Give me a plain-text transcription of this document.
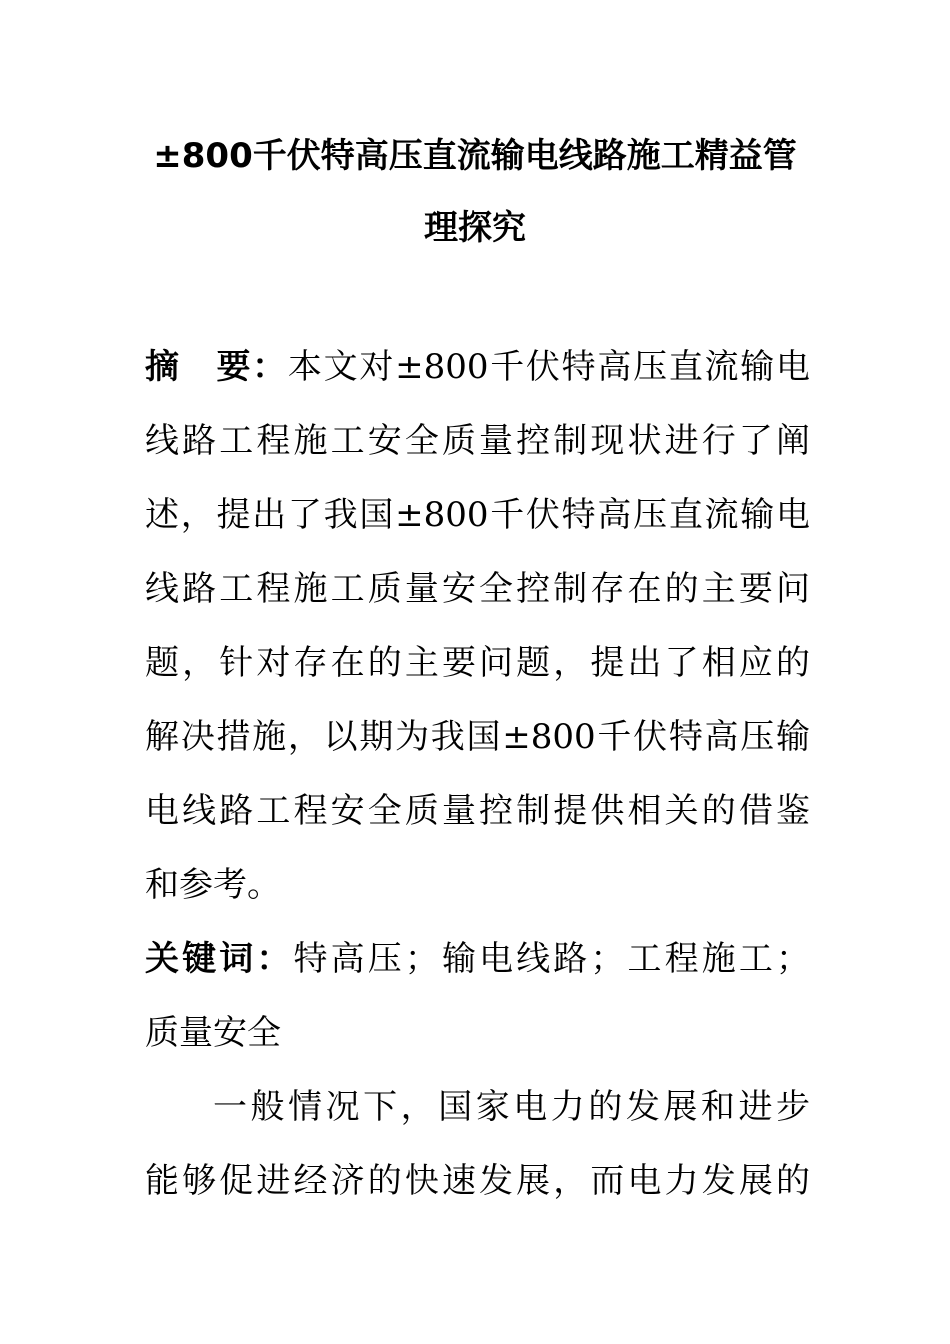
±800千伏特高压直流输电线路施工精益管
理探究
摘　要：本文对±800千伏特高压直流输电
线路工程施工安全质量控制现状进行了阐
述，提出了我国±800千伏特高压直流输电
线路工程施工质量安全控制存在的主要问
题，针对存在的主要问题，提出了相应的
解决措施，以期为我国±800千伏特高压输
电线路工程安全质量控制提供相关的借鉴
和参考。
关键词：特高压；输电线路；工程施工；
质量安全
一般情况下，国家电力的发展和进步
能够促进经济的快速发展，而电力发展的
